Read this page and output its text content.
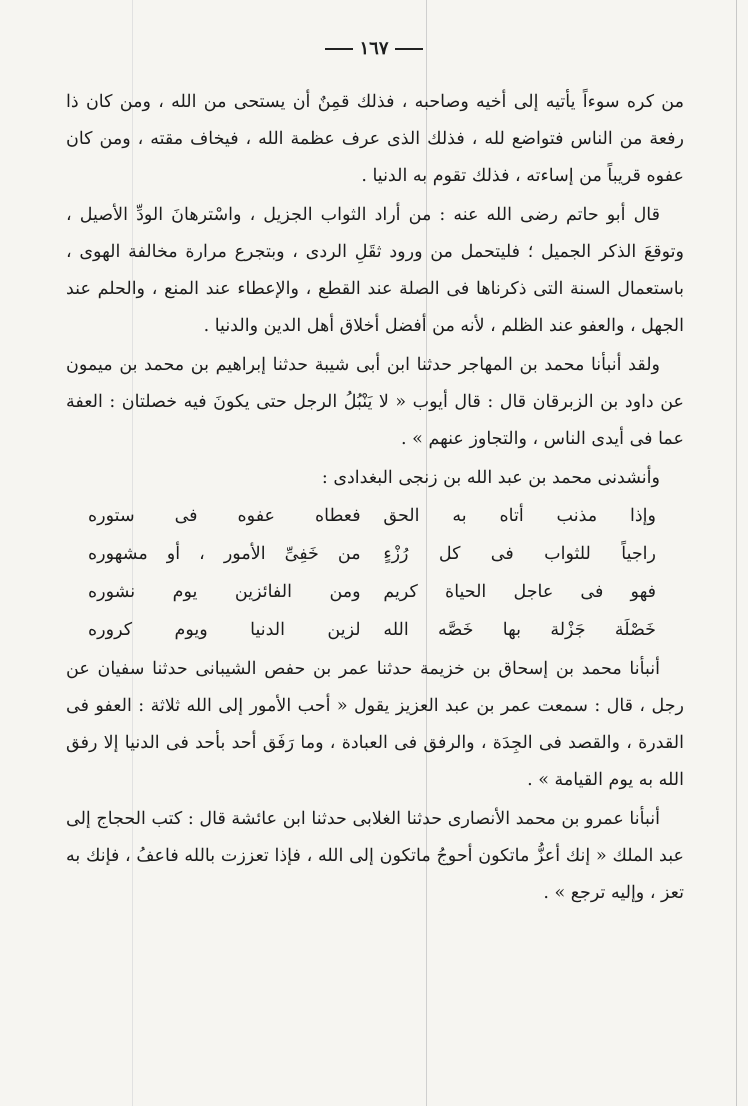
١٦٧
من كره سوءاً يأتيه إلى أخيه وصاحبه ، فذلك قمِنٌ أن يستحى من الله ، ومن كان ذا رفعة من الناس فتواضع لله ، فذلك الذى عرف عظمة الله ، فيخاف مقته ، ومن كان عفوه قريباً من إساءته ، فذلك تقوم به الدنيا .
قال أبو حاتم رضى الله عنه : من أراد الثواب الجزيل ، واسْترهانَ الودِّ الأصيل ، وتوقعَ الذكر الجميل ؛ فليتحمل من ورود ثقَلِ الردى ، وبتجرع مرارة مخالفة الهوى ، باستعمال السنة التى ذكرناها فى الصلة عند القطع ، والإعطاء عند المنع ، والحلم عند الجهل ، والعفو عند الظلم ، لأنه من أفضل أخلاق أهل الدين والدنيا .
ولقد أنبأنا محمد بن المهاجر حدثنا ابن أبى شيبة حدثنا إبراهيم بن محمد بن ميمون عن داود بن الزبرقان قال : قال أيوب « لا يَنْبُلُ الرجل حتى يكونَ فيه خصلتان : العفة عما فى أيدى الناس ، والتجاوز عنهم » .
وأنشدنى محمد بن عبد الله بن زنجى البغدادى :
وإذا مذنب أتاه به الحق
فعطاه عفوه فى ستوره
راجياً للثواب فى كل رُزْءٍ
من خَفِىِّ الأمور ، أو مشهوره
فهو فى عاجل الحياة كريم
ومن الفائزين يوم نشوره
خَصْلَة جَزْلة بها خَصَّه الله
لزين الدنيا ويوم كروره
أنبأنا محمد بن إسحاق بن خزيمة حدثنا عمر بن حفص الشيبانى حدثنا سفيان عن رجل ، قال : سمعت عمر بن عبد العزيز يقول « أحب الأمور إلى الله ثلاثة : العفو فى القدرة ، والقصد فى الجِدَة ، والرفق فى العبادة ، وما رَفَق أحد بأحد فى الدنيا إلا رفق الله به يوم القيامة » .
أنبأنا عمرو بن محمد الأنصارى حدثنا الغلابى حدثنا ابن عائشة قال : كتب الحجاج إلى عبد الملك « إنك أعزُّ ماتكون أحوجُ ماتكون إلى الله ، فإذا تعززت بالله فاعفُ ، فإنك به تعز ، وإليه ترجع » .
